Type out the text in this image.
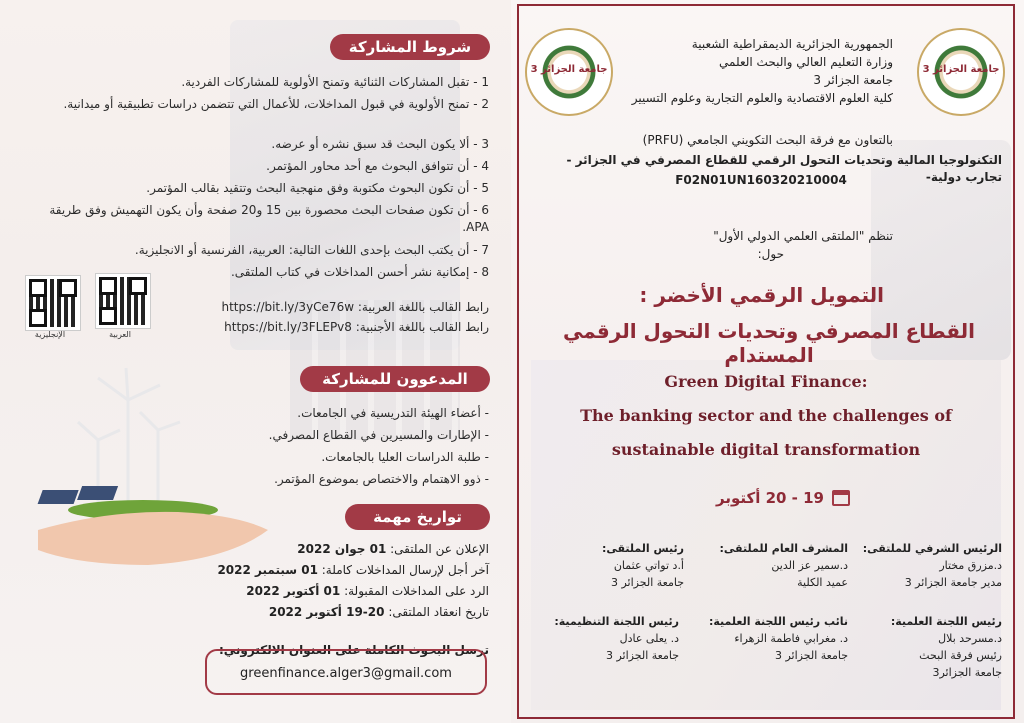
شروط المشاركة
1 - تقبل المشاركات الثنائية وتمنح الأولوية للمشاركات الفردية.
2 - تمنح الأولوية في قبول المداخلات، للأعمال التي تتضمن دراسات تطبيقية أو ميدانية.
3 - ألا يكون البحث قد سبق نشره أو عرضه.
4 - أن تتوافق البحوث مع أحد محاور المؤتمر.
5 - أن تكون البحوث مكتوبة وفق منهجية البحث وتتقيد بقالب المؤتمر.
6 - أن تكون صفحات البحث محصورة بين 15 و20 صفحة وأن يكون التهميش وفق طريقة APA.
7 - أن يكتب البحث بإحدى اللغات التالية: العربية، الفرنسية أو الانجليزية.
8 - إمكانية نشر أحسن المداخلات في كتاب الملتقى.
الإنجليزية	العربية
رابط القالب باللغة العربية: https://bit.ly/3yCe76w
رابط القالب باللغة الأجنبية: https://bit.ly/3FLEPv8
المدعوون للمشاركة
- أعضاء الهيئة التدريسية في الجامعات.
- الإطارات والمسيرين في القطاع المصرفي.
- طلبة الدراسات العليا بالجامعات.
- ذوو الاهتمام والاختصاص بموضوع المؤتمر.
تواريخ مهمة
الإعلان عن الملتقى: 01 جوان 2022
آخر أجل لإرسال المداخلات كاملة: 01 سبتمبر 2022
الرد على المداخلات المقبولة: 01 أكتوبر 2022
تاريخ انعقاد الملتقى: 20-19 أكتوبر 2022
ترسل البحوث الكاملة على العنوان الالكتروني:
greenfinance.alger3@gmail.com
جامعة الجزائر 3	جامعة الجزائر 3
الجمهورية الجزائرية الديمقراطية الشعبية
وزارة التعليم العالي والبحث العلمي
جامعة الجزائر 3
كلية العلوم الاقتصادية والعلوم التجارية وعلوم التسيير
بالتعاون مع فرقة البحث التكويني الجامعي (PRFU)
التكنولوجيا المالية وتحديات التحول الرقمي للقطاع المصرفي في الجزائر - تجارب دولية-
F02N01UN160320210004
تنظم "الملتقى العلمي الدولي الأول"
حول:
التمويل الرقمي الأخضر :
القطاع المصرفي وتحديات التحول الرقمي المستدام
Green Digital Finance:
The banking sector and the challenges of
sustainable digital transformation
19 - 20 أكتوبر
الرئيس الشرفي للملتقى:
د.مزرق مختار
مدير جامعة الجزائر 3
المشرف العام للملتقى:
د.سمير عز الدين
عميد الكلية
رئيس الملتقى:
أ.د تواتي عثمان
جامعة الجزائر 3
رئيس اللجنة العلمية:
د.مسرحد بلال
رئيس فرقة البحث
جامعة الجزائر3
نائب رئيس اللجنة العلمية:
د. مغرابي فاطمة الزهراء
جامعة الجزائر 3
رئيس اللجنة التنظيمية:
د. يعلى عادل
جامعة الجزائر 3
